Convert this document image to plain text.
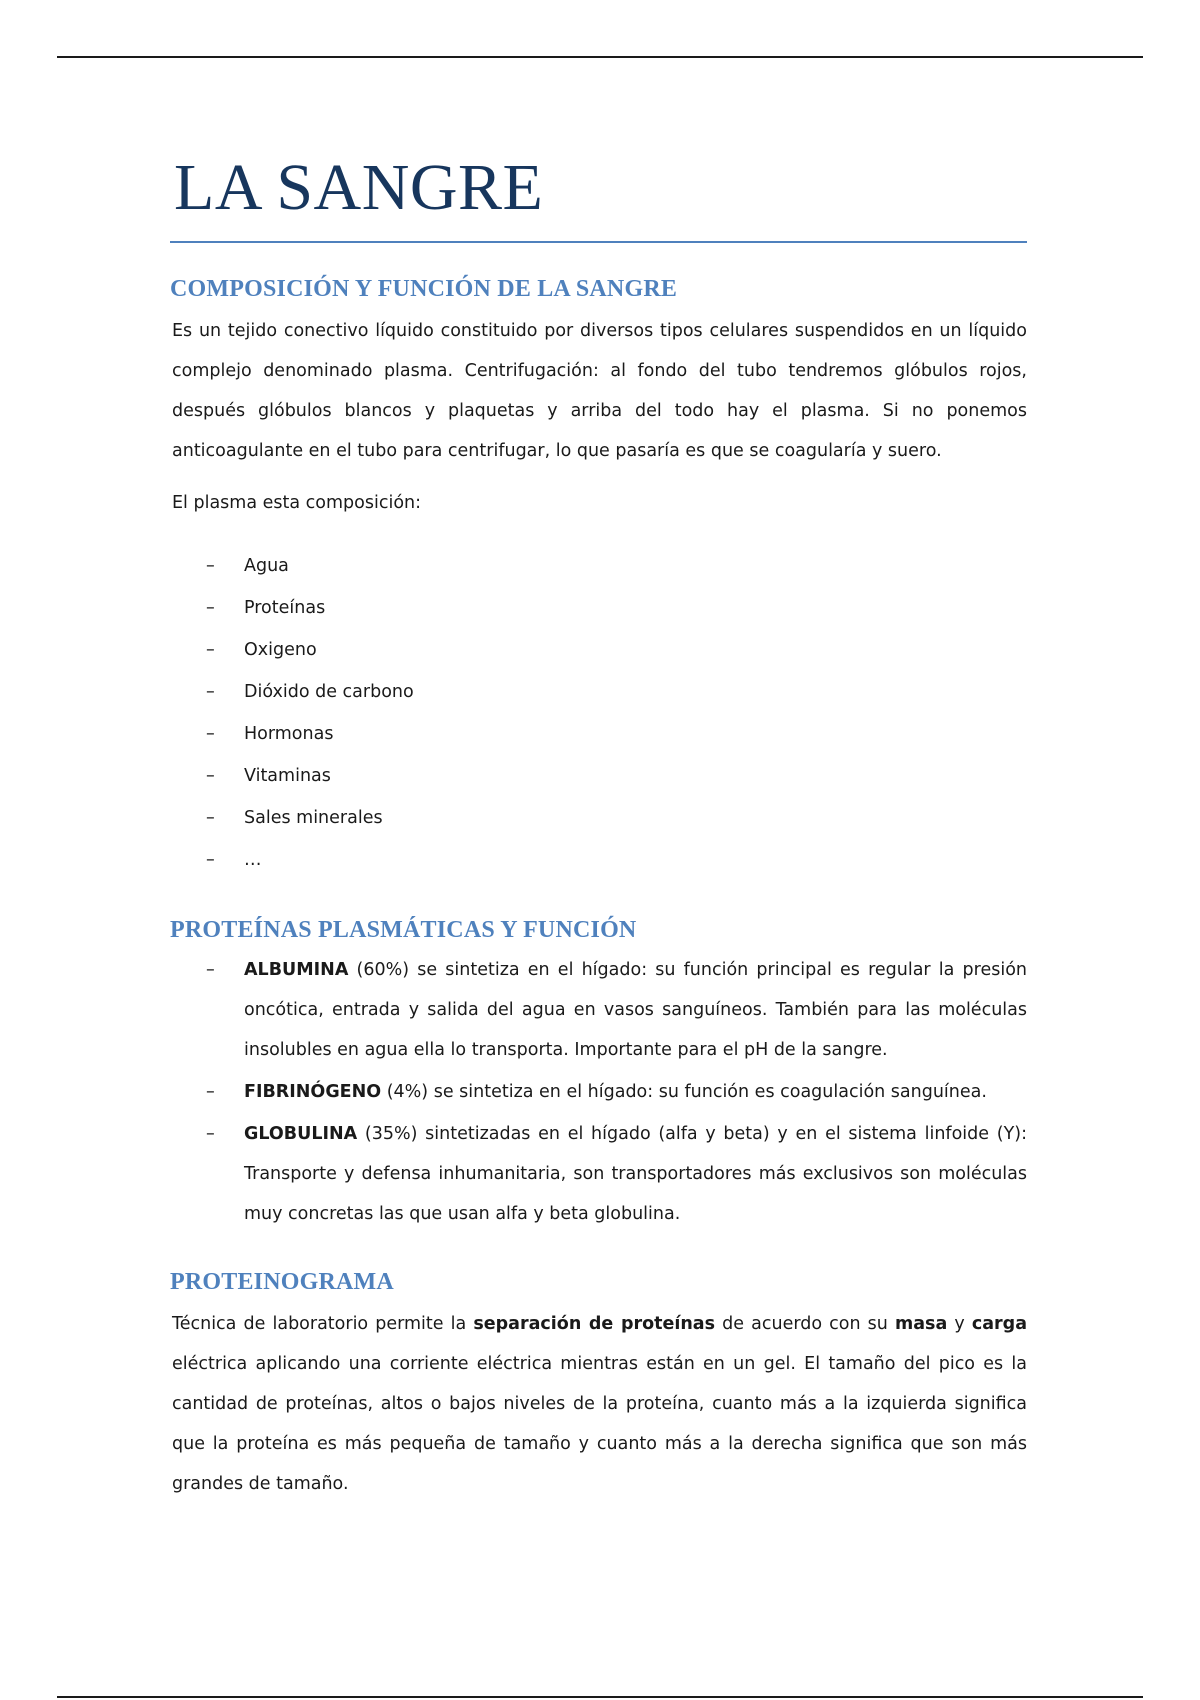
LA SANGRE
COMPOSICIÓN Y FUNCIÓN DE LA SANGRE

Es un tejido conectivo líquido constituido por diversos tipos celulares suspendidos en un líquido complejo denominado plasma. Centrifugación: al fondo del tubo tendremos glóbulos rojos, después glóbulos blancos y plaquetas y arriba del todo hay el plasma. Si no ponemos anticoagulante en el tubo para centrifugar, lo que pasaría es que se coagularía y suero.

El plasma esta composición:

– Agua
– Proteínas
– Oxigeno
– Dióxido de carbono
– Hormonas
– Vitaminas
– Sales minerales
– …
PROTEÍNAS PLASMÁTICAS Y FUNCIÓN
– ALBUMINA (60%) se sintetiza en el hígado: su función principal es regular la presión oncótica, entrada y salida del agua en vasos sanguíneos. También para las moléculas insolubles en agua ella lo transporta. Importante para el pH de la sangre.
– FIBRINÓGENO (4%) se sintetiza en el hígado: su función es coagulación sanguínea.
– GLOBULINA (35%) sintetizadas en el hígado (alfa y beta) y en el sistema linfoide (Y): Transporte y defensa inhumanitaria, son transportadores más exclusivos son moléculas muy concretas las que usan alfa y beta globulina.
PROTEINOGRAMA

Técnica de laboratorio permite la separación de proteínas de acuerdo con su masa y carga eléctrica aplicando una corriente eléctrica mientras están en un gel. El tamaño del pico es la cantidad de proteínas, altos o bajos niveles de la proteína, cuanto más a la izquierda significa que la proteína es más pequeña de tamaño y cuanto más a la derecha significa que son más grandes de tamaño.
